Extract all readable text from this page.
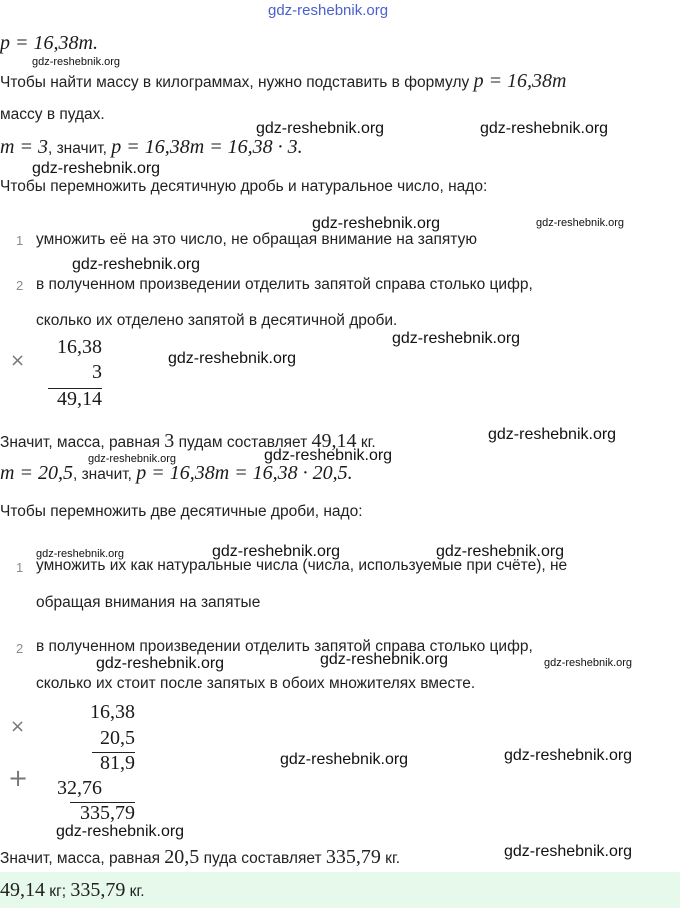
gdz-reshebnik.org
p = 16,38m.
gdz-reshebnik.org
Чтобы найти массу в килограммах, нужно подставить в формулу p = 16,38m
массу в пудах.
m = 3, значит, p = 16,38m = 16,38 · 3.
gdz-reshebnik.org	gdz-reshebnik.org
gdz-reshebnik.org
Чтобы перемножить десятичную дробь и натуральное число, надо:
gdz-reshebnik.org	gdz-reshebnik.org
1 умножить её на это число, не обращая внимание на запятую
gdz-reshebnik.org
2 в полученном произведении отделить запятой справа столько цифр,
сколько их отделено запятой в десятичной дроби.
×
16,38
3
49,14
gdz-reshebnik.org
gdz-reshebnik.org
Значит, масса, равная 3 пудам составляет 49,14 кг.	gdz-reshebnik.org
gdz-reshebnik.org	gdz-reshebnik.org
m = 20,5, значит, p = 16,38m = 16,38 · 20,5.
Чтобы перемножить две десятичные дроби, надо:
gdz-reshebnik.org	gdz-reshebnik.org	gdz-reshebnik.org
1 умножить их как натуральные числа (числа, используемые при счёте), не
обращая внимания на запятые
2 в полученном произведении отделить запятой справа столько цифр,
gdz-reshebnik.org	gdz-reshebnik.org	gdz-reshebnik.org
сколько их стоит после запятых в обоих множителях вместе.
×
16,38
20,5
81,9
+	32,76
335,79
gdz-reshebnik.org	gdz-reshebnik.org
gdz-reshebnik.org
Значит, масса, равная 20,5 пуда составляет 335,79 кг.	gdz-reshebnik.org
49,14 кг; 335,79 кг.
